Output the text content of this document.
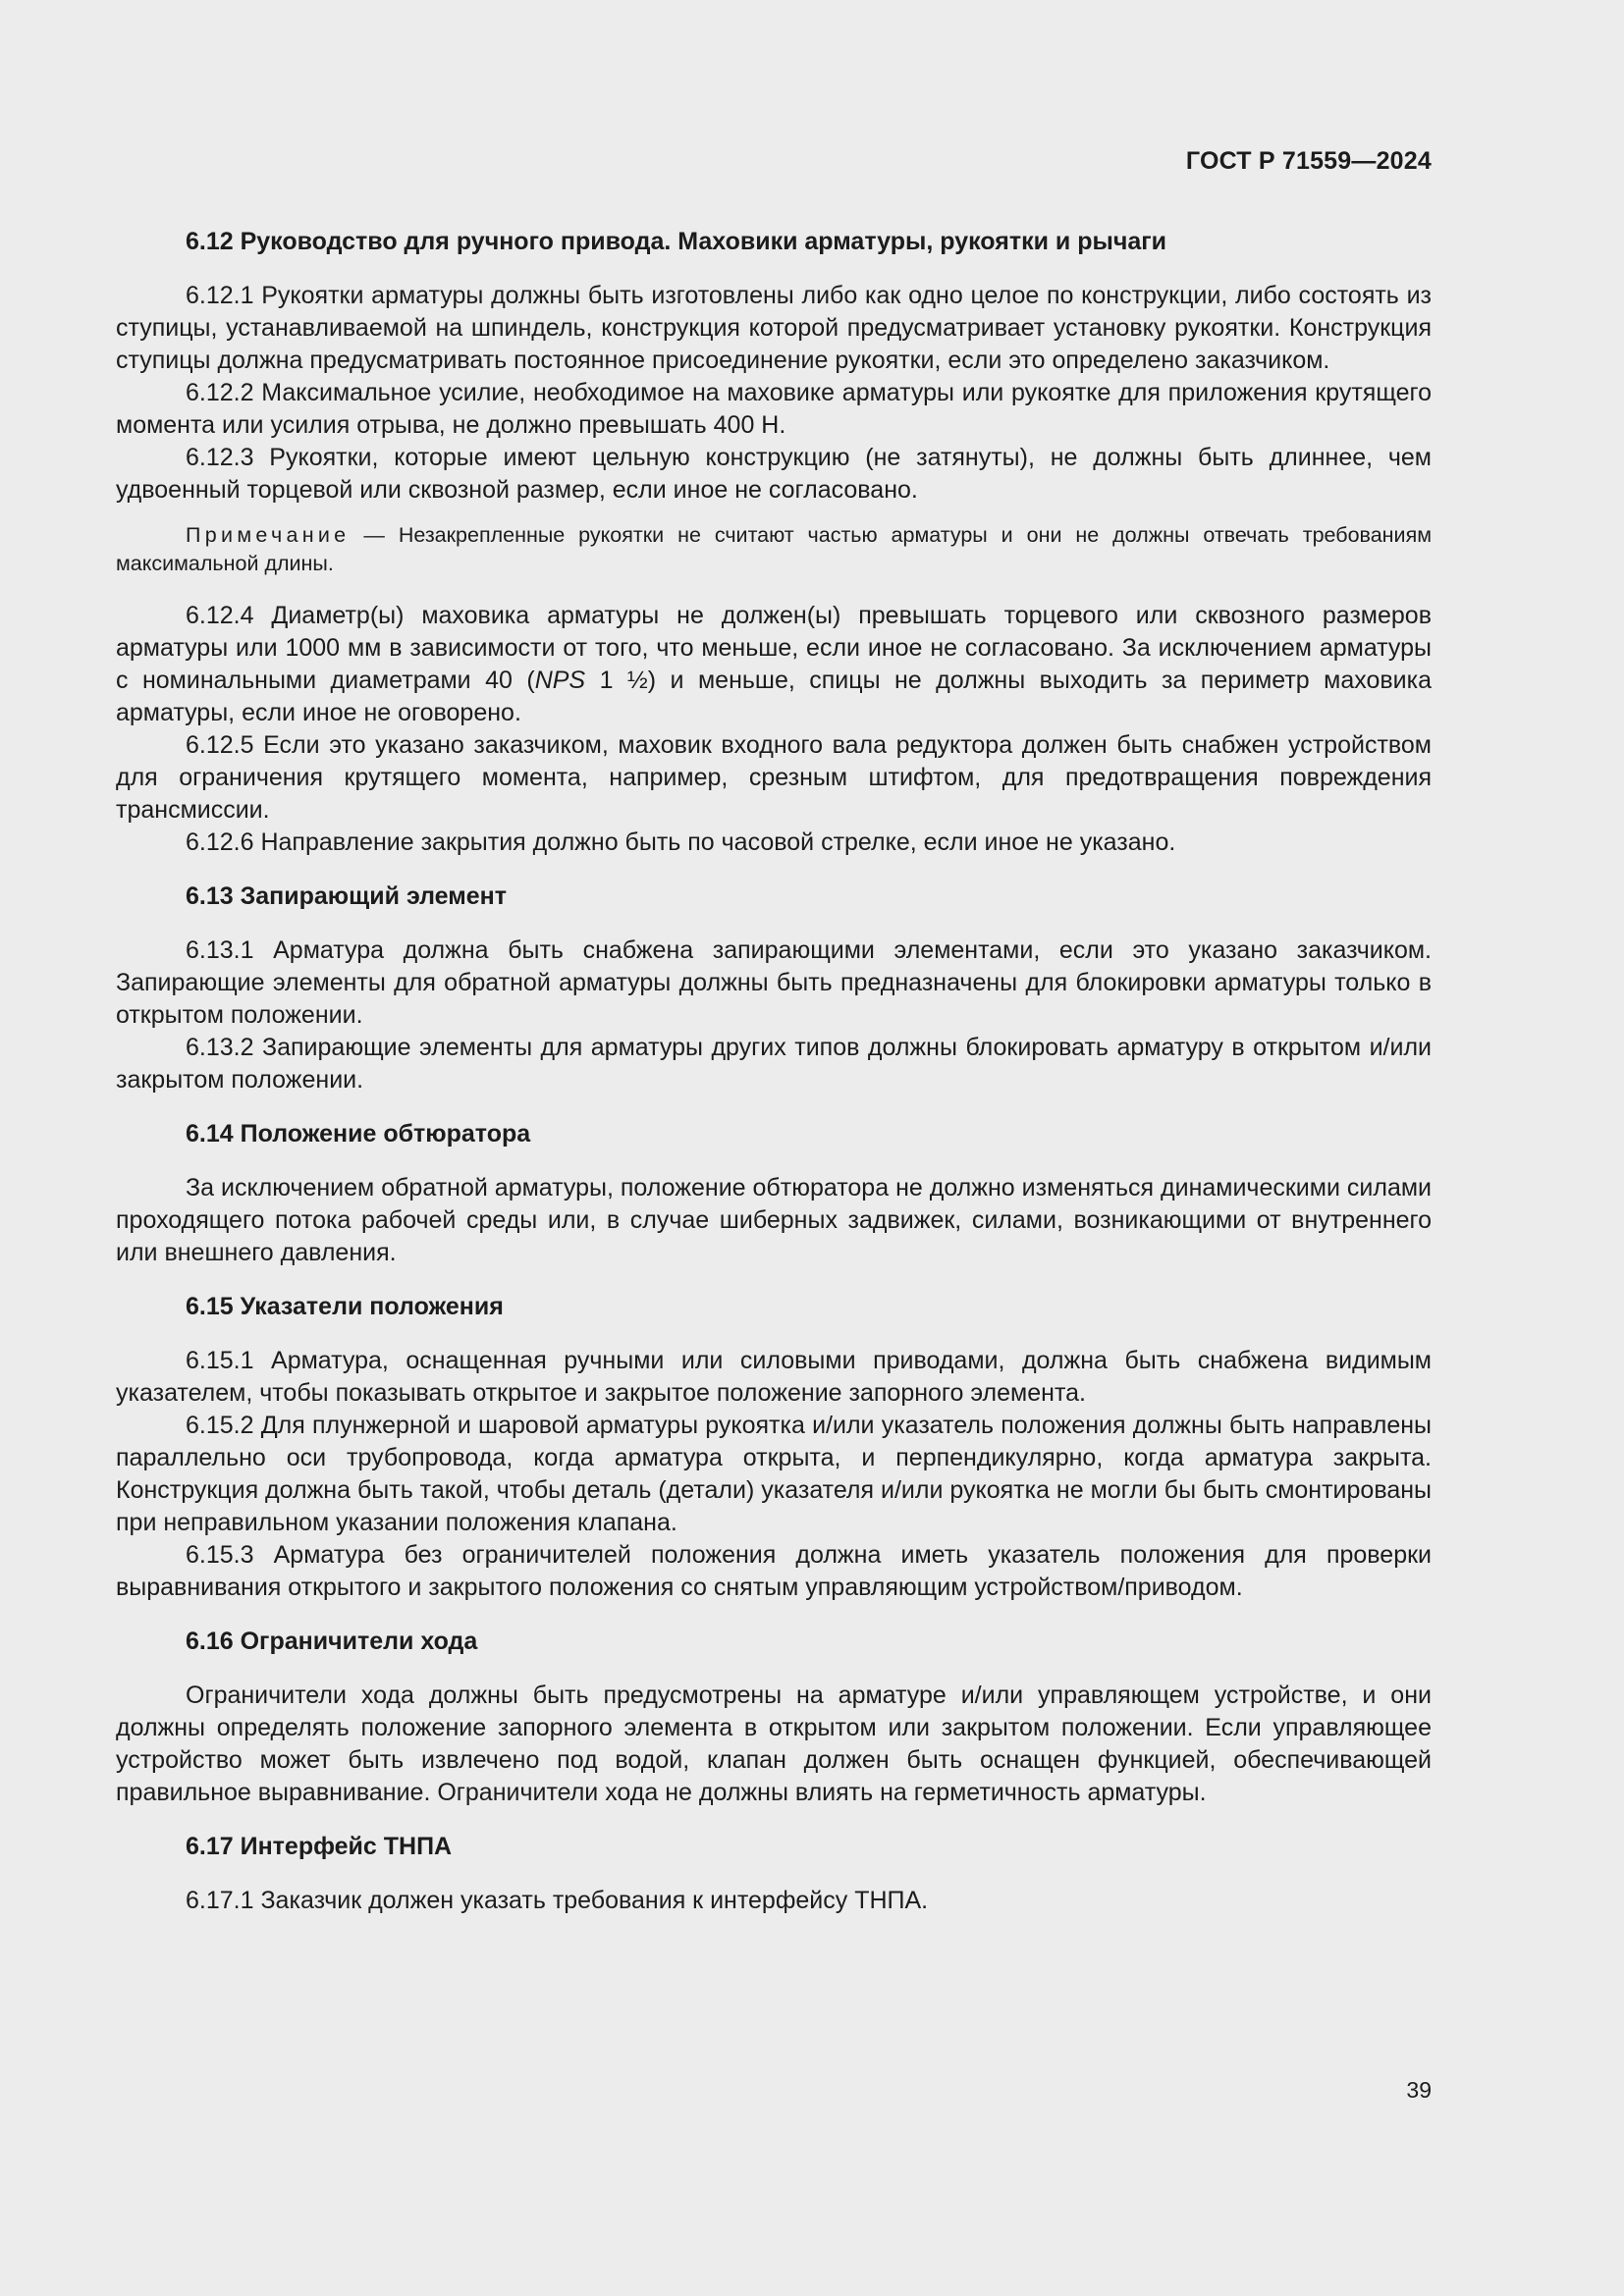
ГОСТ Р 71559—2024
6.12 Руководство для ручного привода. Маховики арматуры, рукоятки и рычаги

6.12.1 Рукоятки арматуры должны быть изготовлены либо как одно целое по конструкции, либо состоять из ступицы, устанавливаемой на шпиндель, конструкция которой предусматривает установку рукоятки. Конструкция ступицы должна предусматривать постоянное присоединение рукоятки, если это определено заказчиком.

6.12.2 Максимальное усилие, необходимое на маховике арматуры или рукоятке для приложения крутящего момента или усилия отрыва, не должно превышать 400 Н.

6.12.3 Рукоятки, которые имеют цельную конструкцию (не затянуты), не должны быть длиннее, чем удвоенный торцевой или сквозной размер, если иное не согласовано.

Примечание — Незакрепленные рукоятки не считают частью арматуры и они не должны отвечать требованиям максимальной длины.

6.12.4 Диаметр(ы) маховика арматуры не должен(ы) превышать торцевого или сквозного размеров арматуры или 1000 мм в зависимости от того, что меньше, если иное не согласовано. За исключением арматуры с номинальными диаметрами 40 (NPS 1 ½) и меньше, спицы не должны выходить за периметр маховика арматуры, если иное не оговорено.

6.12.5 Если это указано заказчиком, маховик входного вала редуктора должен быть снабжен устройством для ограничения крутящего момента, например, срезным штифтом, для предотвращения повреждения трансмиссии.

6.12.6 Направление закрытия должно быть по часовой стрелке, если иное не указано.

6.13 Запирающий элемент

6.13.1 Арматура должна быть снабжена запирающими элементами, если это указано заказчиком. Запирающие элементы для обратной арматуры должны быть предназначены для блокировки арматуры только в открытом положении.

6.13.2 Запирающие элементы для арматуры других типов должны блокировать арматуру в открытом и/или закрытом положении.

6.14 Положение обтюратора

За исключением обратной арматуры, положение обтюратора не должно изменяться динамическими силами проходящего потока рабочей среды или, в случае шиберных задвижек, силами, возникающими от внутреннего или внешнего давления.

6.15 Указатели положения

6.15.1 Арматура, оснащенная ручными или силовыми приводами, должна быть снабжена видимым указателем, чтобы показывать открытое и закрытое положение запорного элемента.

6.15.2 Для плунжерной и шаровой арматуры рукоятка и/или указатель положения должны быть направлены параллельно оси трубопровода, когда арматура открыта, и перпендикулярно, когда арматура закрыта. Конструкция должна быть такой, чтобы деталь (детали) указателя и/или рукоятка не могли бы быть смонтированы при неправильном указании положения клапана.

6.15.3 Арматура без ограничителей положения должна иметь указатель положения для проверки выравнивания открытого и закрытого положения со снятым управляющим устройством/приводом.

6.16 Ограничители хода

Ограничители хода должны быть предусмотрены на арматуре и/или управляющем устройстве, и они должны определять положение запорного элемента в открытом или закрытом положении. Если управляющее устройство может быть извлечено под водой, клапан должен быть оснащен функцией, обеспечивающей правильное выравнивание. Ограничители хода не должны влиять на герметичность арматуры.

6.17 Интерфейс ТНПА

6.17.1 Заказчик должен указать требования к интерфейсу ТНПА.

39
